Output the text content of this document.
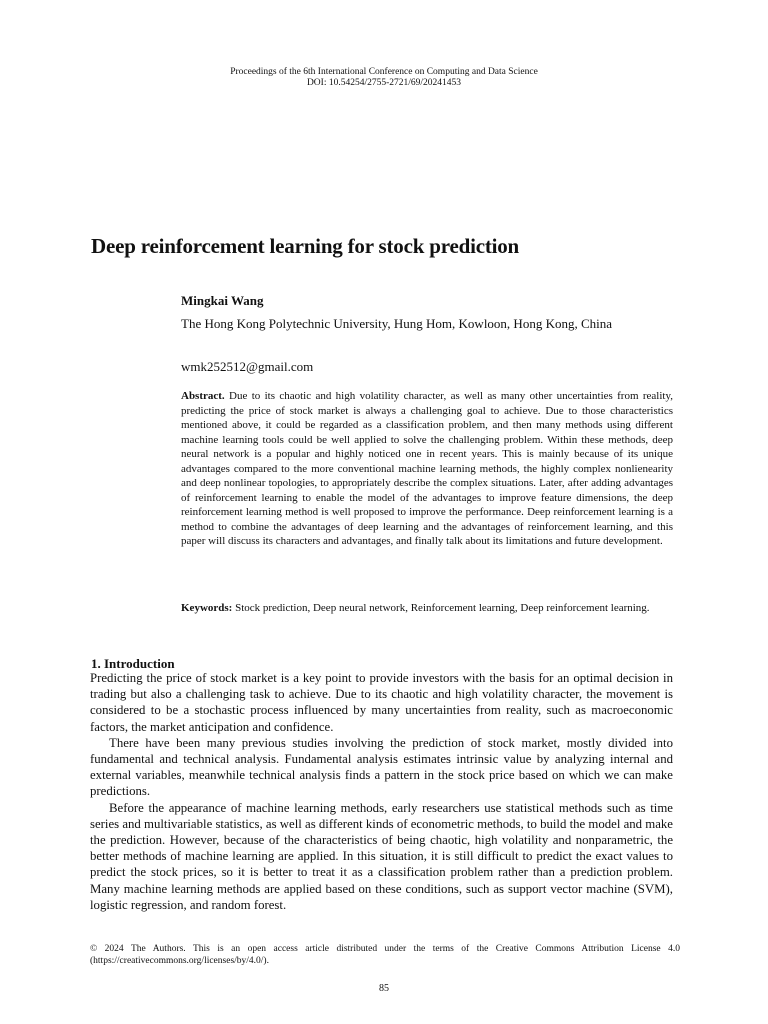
Proceedings of the 6th International Conference on Computing and Data Science
DOI: 10.54254/2755-2721/69/20241453
Deep reinforcement learning for stock prediction
Mingkai Wang
The Hong Kong Polytechnic University, Hung Hom, Kowloon, Hong Kong, China
wmk252512@gmail.com

Abstract. Due to its chaotic and high volatility character, as well as many other uncertainties from reality, predicting the price of stock market is always a challenging goal to achieve. Due to those characteristics mentioned above, it could be regarded as a classification problem, and then many methods using different machine learning tools could be well applied to solve the challenging problem. Within these methods, deep neural network is a popular and highly noticed one in recent years. This is mainly because of its unique advantages compared to the more conventional machine learning methods, the highly complex nonlienearity and deep nonlinear topologies, to appropriately describe the complex situations. Later, after adding advantages of reinforcement learning to enable the model of the advantages to improve feature dimensions, the deep reinforcement learning method is well proposed to improve the performance. Deep reinforcement learning is a method to combine the advantages of deep learning and the advantages of reinforcement learning, and this paper will discuss its characters and advantages, and finally talk about its limitations and future development.

Keywords: Stock prediction, Deep neural network, Reinforcement learning, Deep reinforcement learning.

1. Introduction

Predicting the price of stock market is a key point to provide investors with the basis for an optimal decision in trading but also a challenging task to achieve. Due to its chaotic and high volatility character, the movement is considered to be a stochastic process influenced by many uncertainties from reality, such as macroeconomic factors, the market anticipation and confidence.

There have been many previous studies involving the prediction of stock market, mostly divided into fundamental and technical analysis. Fundamental analysis estimates intrinsic value by analyzing internal and external variables, meanwhile technical analysis finds a pattern in the stock price based on which we can make predictions.

Before the appearance of machine learning methods, early researchers use statistical methods such as time series and multivariable statistics, as well as different kinds of econometric methods, to build the model and make the prediction. However, because of the characteristics of being chaotic, high volatility and nonparametric, the better methods of machine learning are applied. In this situation, it is still difficult to predict the exact values to predict the stock prices, so it is better to treat it as a classification problem rather than a prediction problem. Many machine learning methods are applied based on these conditions, such as support vector machine (SVM), logistic regression, and random forest.

© 2024 The Authors. This is an open access article distributed under the terms of the Creative Commons Attribution License 4.0 (https://creativecommons.org/licenses/by/4.0/).

85
